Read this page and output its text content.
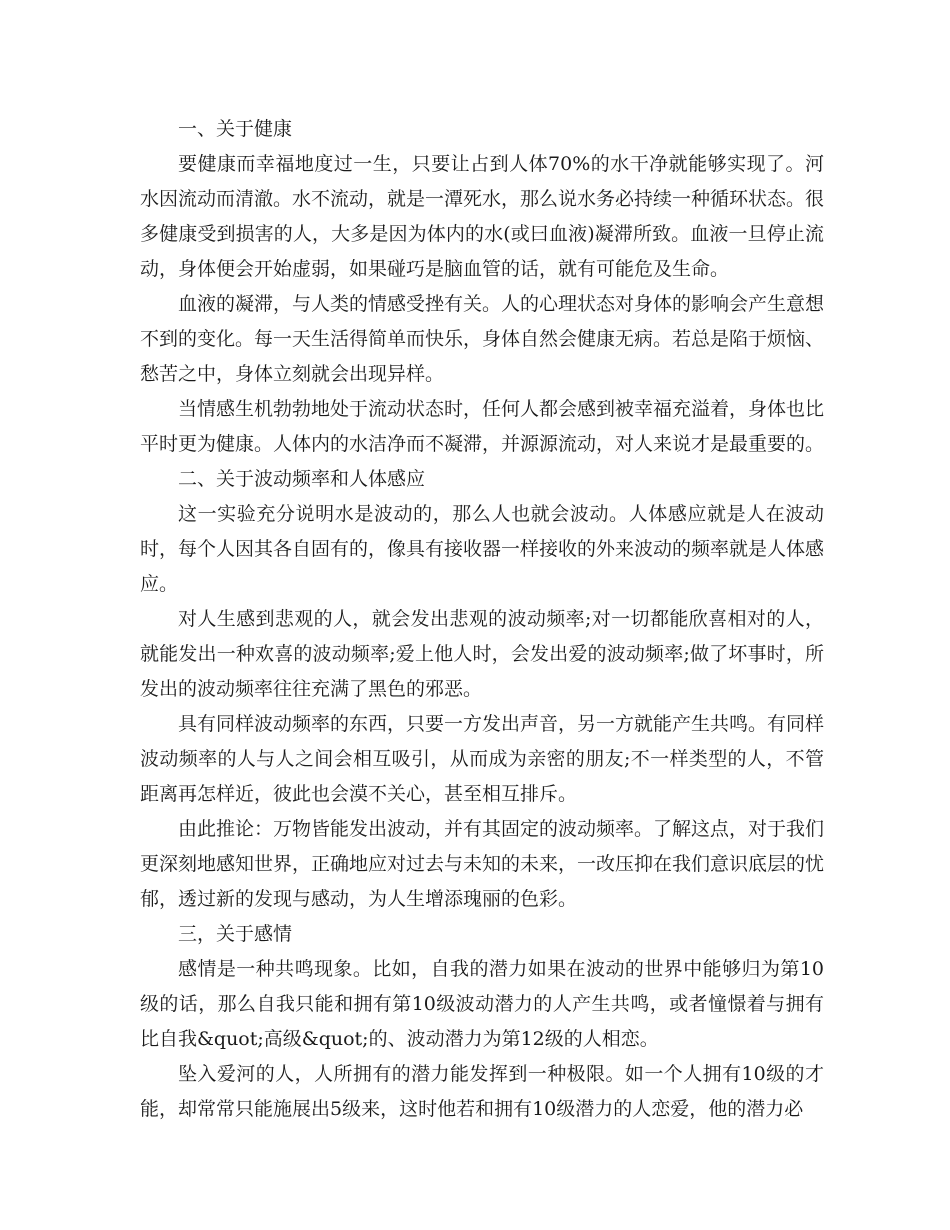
一、关于健康

要健康而幸福地度过一生，只要让占到人体70%的水干净就能够实现了。河水因流动而清澈。水不流动，就是一潭死水，那么说水务必持续一种循环状态。很多健康受到损害的人，大多是因为体内的水(或曰血液)凝滞所致。血液一旦停止流动，身体便会开始虚弱，如果碰巧是脑血管的话，就有可能危及生命。

血液的凝滞，与人类的情感受挫有关。人的心理状态对身体的影响会产生意想不到的变化。每一天生活得简单而快乐，身体自然会健康无病。若总是陷于烦恼、愁苦之中，身体立刻就会出现异样。

当情感生机勃勃地处于流动状态时，任何人都会感到被幸福充溢着，身体也比平时更为健康。人体内的水洁净而不凝滞，并源源流动，对人来说才是最重要的。

二、关于波动频率和人体感应

这一实验充分说明水是波动的，那么人也就会波动。人体感应就是人在波动时，每个人因其各自固有的，像具有接收器一样接收的外来波动的频率就是人体感应。

对人生感到悲观的人，就会发出悲观的波动频率;对一切都能欣喜相对的人，就能发出一种欢喜的波动频率;爱上他人时，会发出爱的波动频率;做了坏事时，所发出的波动频率往往充满了黑色的邪恶。

具有同样波动频率的东西，只要一方发出声音，另一方就能产生共鸣。有同样波动频率的人与人之间会相互吸引，从而成为亲密的朋友;不一样类型的人，不管距离再怎样近，彼此也会漠不关心，甚至相互排斥。

由此推论：万物皆能发出波动，并有其固定的波动频率。了解这点，对于我们更深刻地感知世界，正确地应对过去与未知的未来，一改压抑在我们意识底层的忧郁，透过新的发现与感动，为人生增添瑰丽的色彩。

三，关于感情

感情是一种共鸣现象。比如，自我的潜力如果在波动的世界中能够归为第10级的话，那么自我只能和拥有第10级波动潜力的人产生共鸣，或者憧憬着与拥有比自我&quot;高级&quot;的、波动潜力为第12级的人相恋。

坠入爱河的人，人所拥有的潜力能发挥到一种极限。如一个人拥有10级的才能，却常常只能施展出5级来，这时他若和拥有10级潜力的人恋爱，他的潜力必
